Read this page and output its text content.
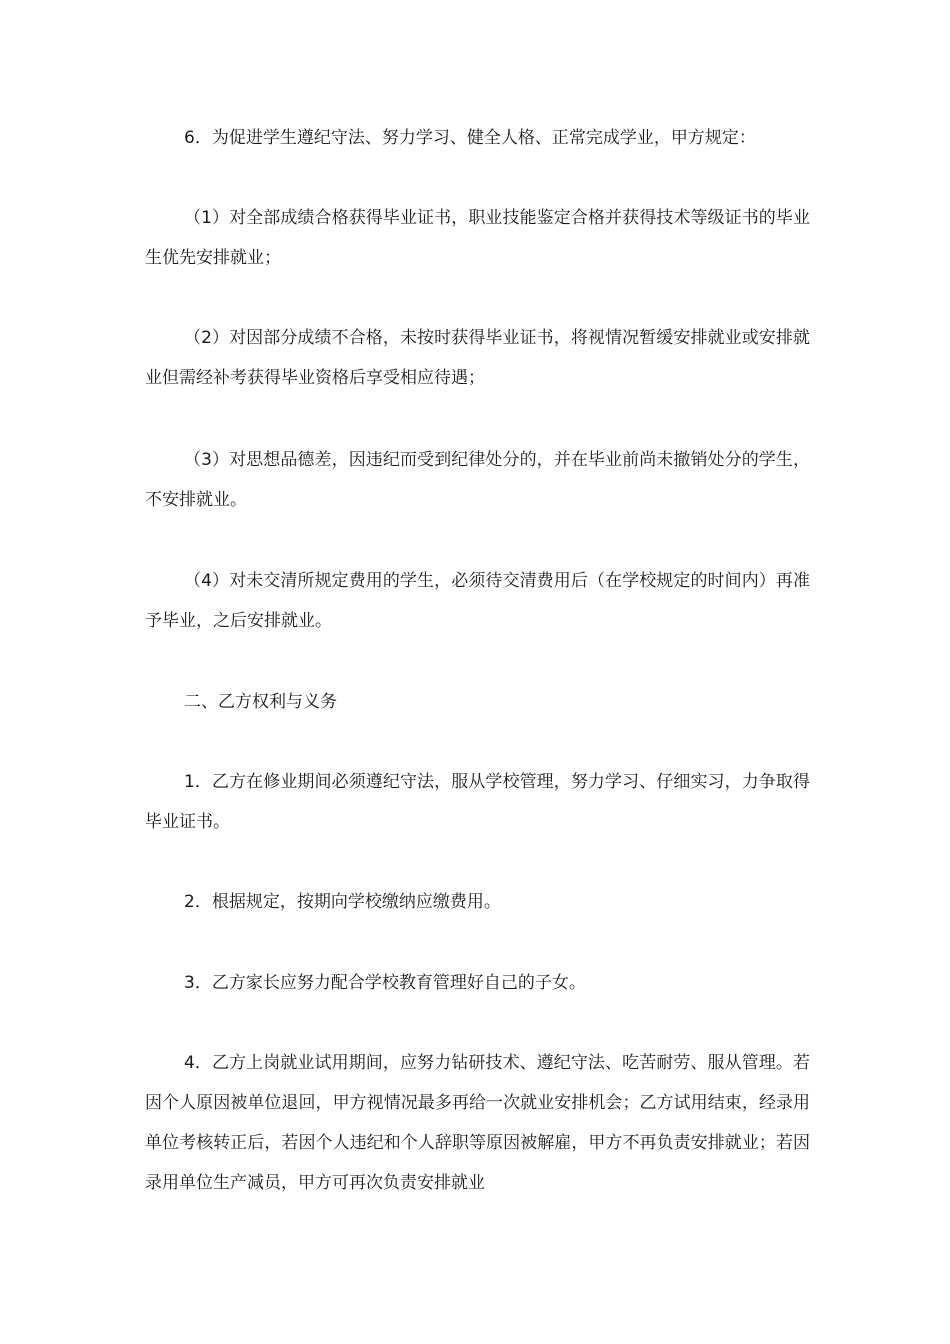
6．为促进学生遵纪守法、努力学习、健全人格、正常完成学业，甲方规定：

（1）对全部成绩合格获得毕业证书，职业技能鉴定合格并获得技术等级证书的毕业生优先安排就业；

（2）对因部分成绩不合格，未按时获得毕业证书，将视情况暂缓安排就业或安排就业但需经补考获得毕业资格后享受相应待遇；

（3）对思想品德差，因违纪而受到纪律处分的，并在毕业前尚未撤销处分的学生，不安排就业。

（4）对未交清所规定费用的学生，必须待交清费用后（在学校规定的时间内）再准予毕业，之后安排就业。

二、乙方权利与义务

1．乙方在修业期间必须遵纪守法，服从学校管理，努力学习、仔细实习，力争取得毕业证书。

2．根据规定，按期向学校缴纳应缴费用。

3．乙方家长应努力配合学校教育管理好自己的子女。

4．乙方上岗就业试用期间，应努力钻研技术、遵纪守法、吃苦耐劳、服从管理。若因个人原因被单位退回，甲方视情况最多再给一次就业安排机会；乙方试用结束，经录用单位考核转正后，若因个人违纪和个人辞职等原因被解雇，甲方不再负责安排就业；若因录用单位生产减员，甲方可再次负责安排就业
